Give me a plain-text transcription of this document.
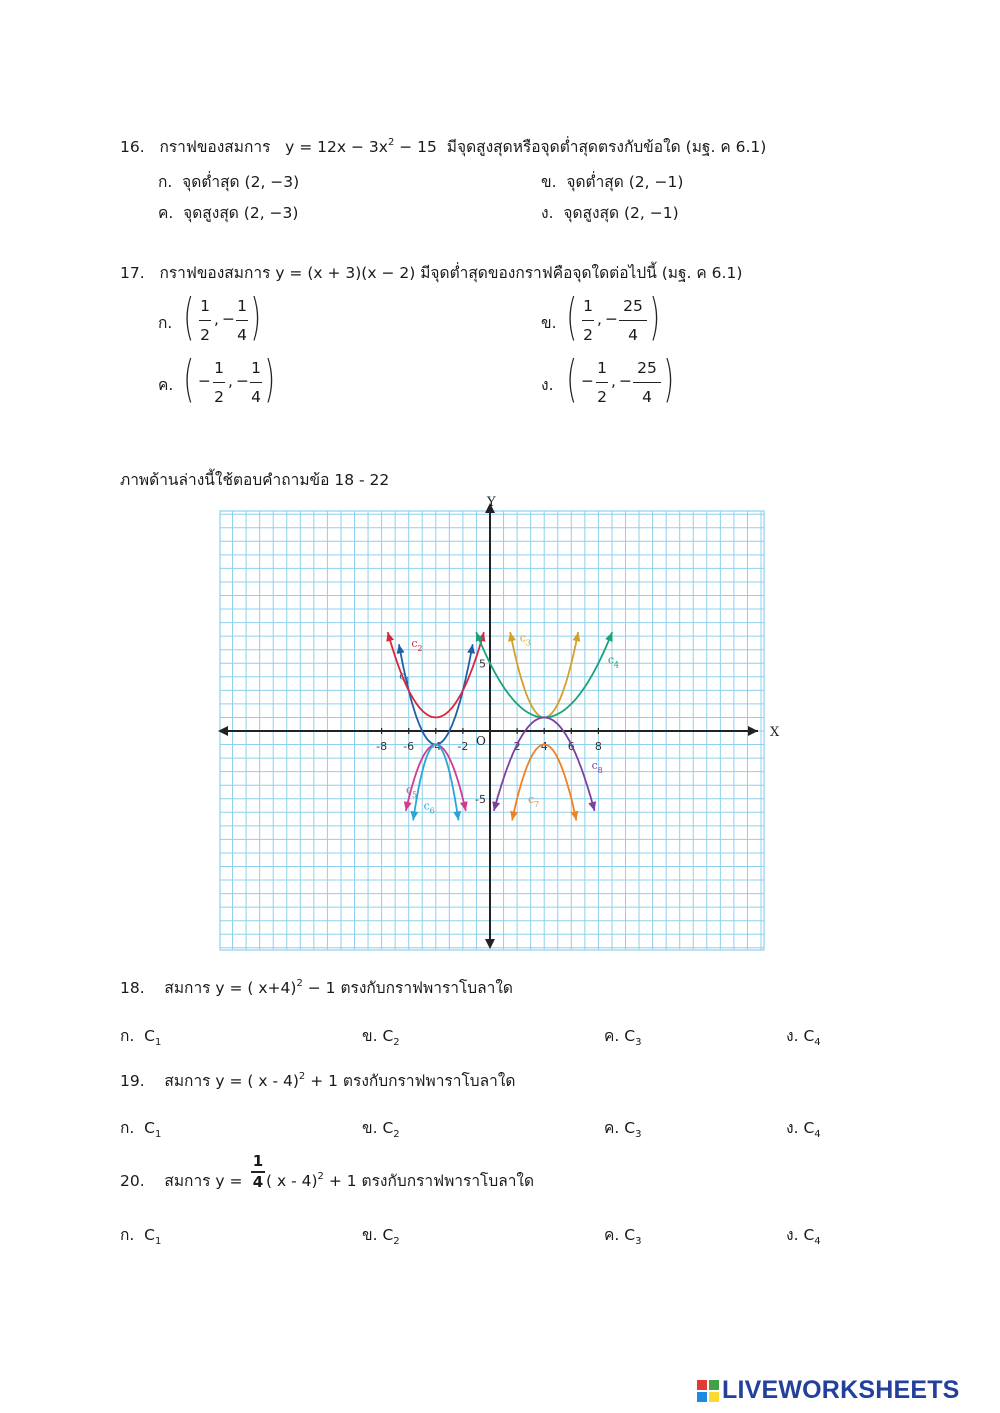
16. กราฟของสมการ $y = 12x - 3x^2 - 15$ มีจุดสูงสุดหรือจุดต่ำสุดตรงกับข้อใด (มฐ. ค 6.1)
ก. จุดต่ำสุด (2, −3)	ข. จุดต่ำสุด (2, −1)
ค. จุดสูงสุด (2, −3)	ง. จุดสูงสุด (2, −1)
17. กราฟของสมการ y = (x + 3)(x − 2) มีจุดต่ำสุดของกราฟคือจุดใดต่อไปนี้ (มฐ. ค 6.1)
ก. ( 1
2
, −
1
4 )	ข. ( 1
2
, −
25
4 )
ค. ( −
1
2
, −
1
4 )	ง. ( −
1
2
, −
25
4 )
ภาพด้านล่างนี้ใช้ตอบคำถามข้อ 18 - 22
X
Y
O
-8 -6 -4 -2	2 4 6 8
5
-5
c 1
c 2
c 3
c 4
c 5
c 6
c 7
c 8
18. สมการ y = ( x+4)$^2$ − 1 ตรงกับกราฟพาราโบลาใด
ก. $C_1$	ข. $C_2$	ค. $C_3$	ง. $C_4$
19. สมการ y = ( x - 4)$^2$ + 1 ตรงกับกราฟพาราโบลาใด
ก. $C_1$	ข. $C_2$	ค. $C_3$	ง. $C_4$
20. สมการ y =
1
4 ( x - 4)$^2$ + 1 ตรงกับกราฟพาราโบลาใด
ก. $C_1$	ข. $C_2$	ค. $C_3$	ง. $C_4$
LIVEWORKSHEETS
